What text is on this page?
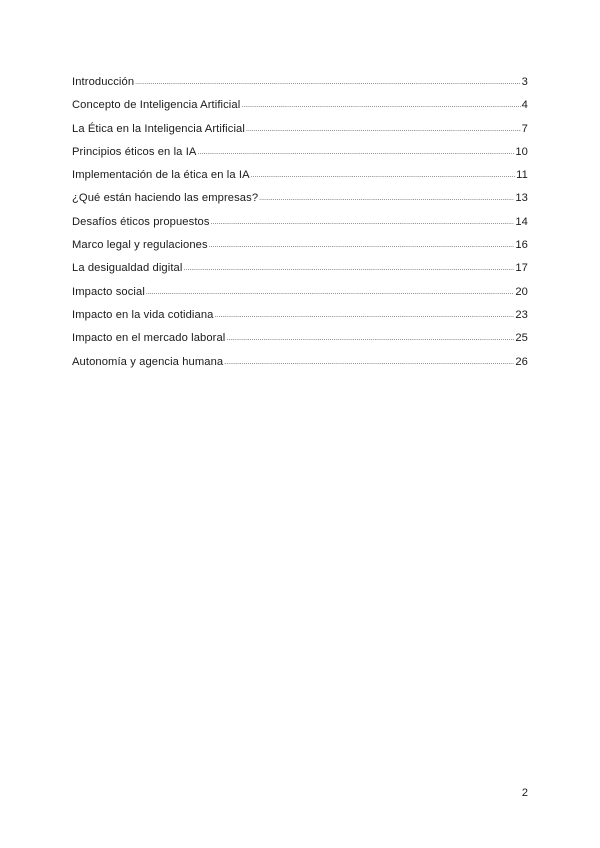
Introducción .....	3
Concepto de Inteligencia Artificial .....	4
La Ética en la Inteligencia Artificial .....	7
Principios éticos en la IA .....	10
Implementación de la ética en la IA .....	11
¿Qué están haciendo las empresas? .....	13
Desafíos éticos propuestos .....	14
Marco legal y regulaciones .....	16
La desigualdad digital .....	17
Impacto social .....	20
Impacto en la vida cotidiana .....	23
Impacto en el mercado laboral .....	25
Autonomía y agencia humana .....	26
2
